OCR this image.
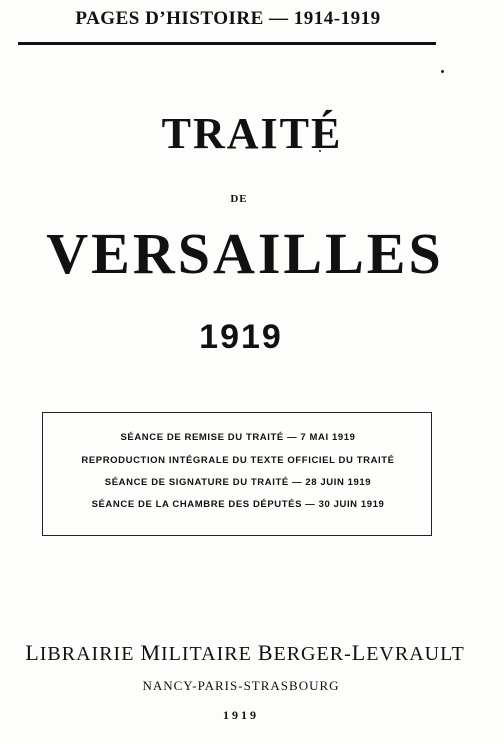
PAGES D’HISTOIRE — 1914-1919
TRAITÉ
DE
VERSAILLES
1919
SÉANCE DE REMISE DU TRAITÉ — 7 MAI 1919
REPRODUCTION INTÉGRALE DU TEXTE OFFICIEL DU TRAITÉ
SÉANCE DE SIGNATURE DU TRAITÉ — 28 JUIN 1919
SÉANCE DE LA CHAMBRE DES DÉPUTÉS — 30 JUIN 1919
LIBRAIRIE MILITAIRE BERGER-LEVRAULT
NANCY-PARIS-STRASBOURG
1919
